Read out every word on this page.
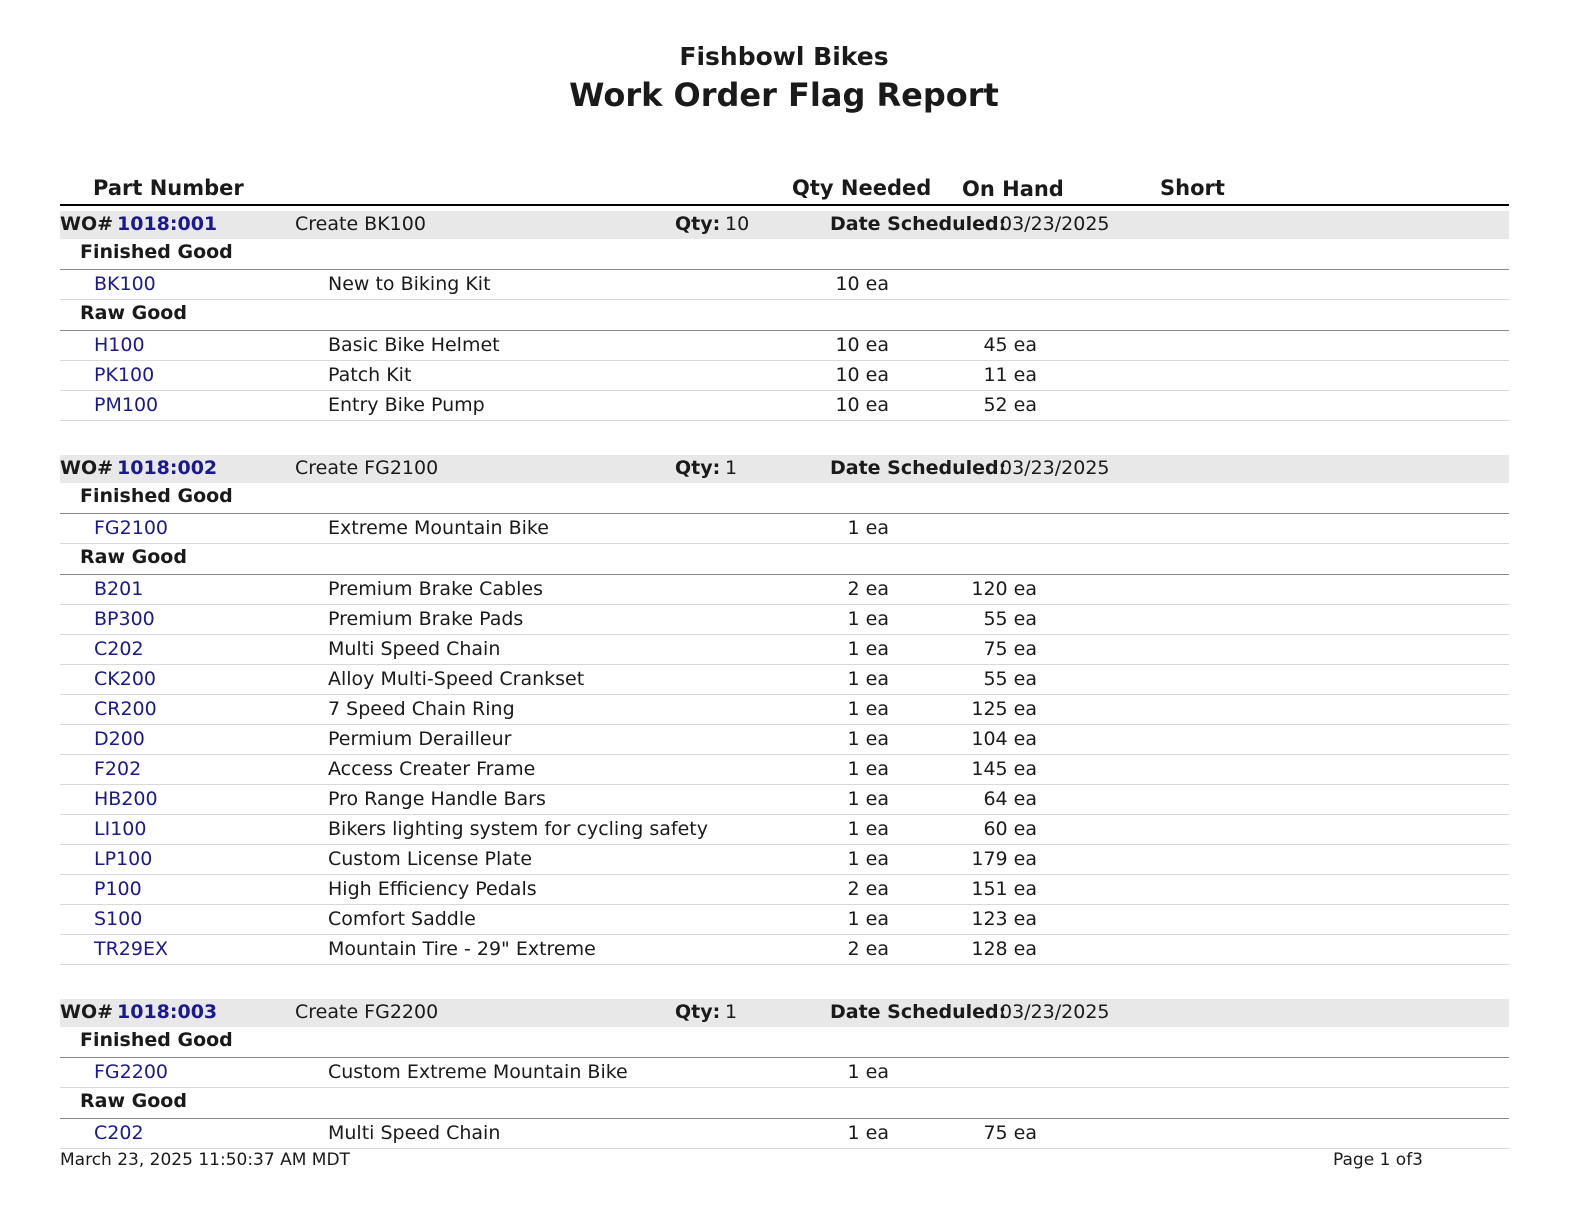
Fishbowl Bikes
Work Order Flag Report
Part Number	Qty Needed On Hand	Short
WO# 1018:001	Create BK100	Qty: 10	Date Scheduled:
03/23/2025
Finished Good
BK100	New to Biking Kit	10 ea
Raw Good
H100	Basic Bike Helmet	10 ea	45 ea
PK100	Patch Kit	10 ea	11 ea
PM100	Entry Bike Pump	10 ea	52 ea
WO# 1018:002	Create FG2100	Qty: 1	Date Scheduled:
03/23/2025
Finished Good
FG2100	Extreme Mountain Bike	1 ea
Raw Good
B201	Premium Brake Cables	2 ea	120 ea
BP300	Premium Brake Pads	1 ea	55 ea
C202	Multi Speed Chain	1 ea	75 ea
CK200	Alloy Multi-Speed Crankset	1 ea	55 ea
CR200	7 Speed Chain Ring	1 ea	125 ea
D200	Permium Derailleur	1 ea	104 ea
F202	Access Creater Frame	1 ea	145 ea
HB200	Pro Range Handle Bars	1 ea	64 ea
LI100	Bikers lighting system for cycling safety	1 ea	60 ea
LP100	Custom License Plate	1 ea	179 ea
P100	High Efficiency Pedals	2 ea	151 ea
S100	Comfort Saddle	1 ea	123 ea
TR29EX	Mountain Tire - 29" Extreme	2 ea	128 ea
WO# 1018:003	Create FG2200	Qty: 1	Date Scheduled:
03/23/2025
Finished Good
FG2200	Custom Extreme Mountain Bike	1 ea
Raw Good
C202	Multi Speed Chain	1 ea	75 ea
March 23, 2025 11:50:37 AM MDT	Page 1 of3
